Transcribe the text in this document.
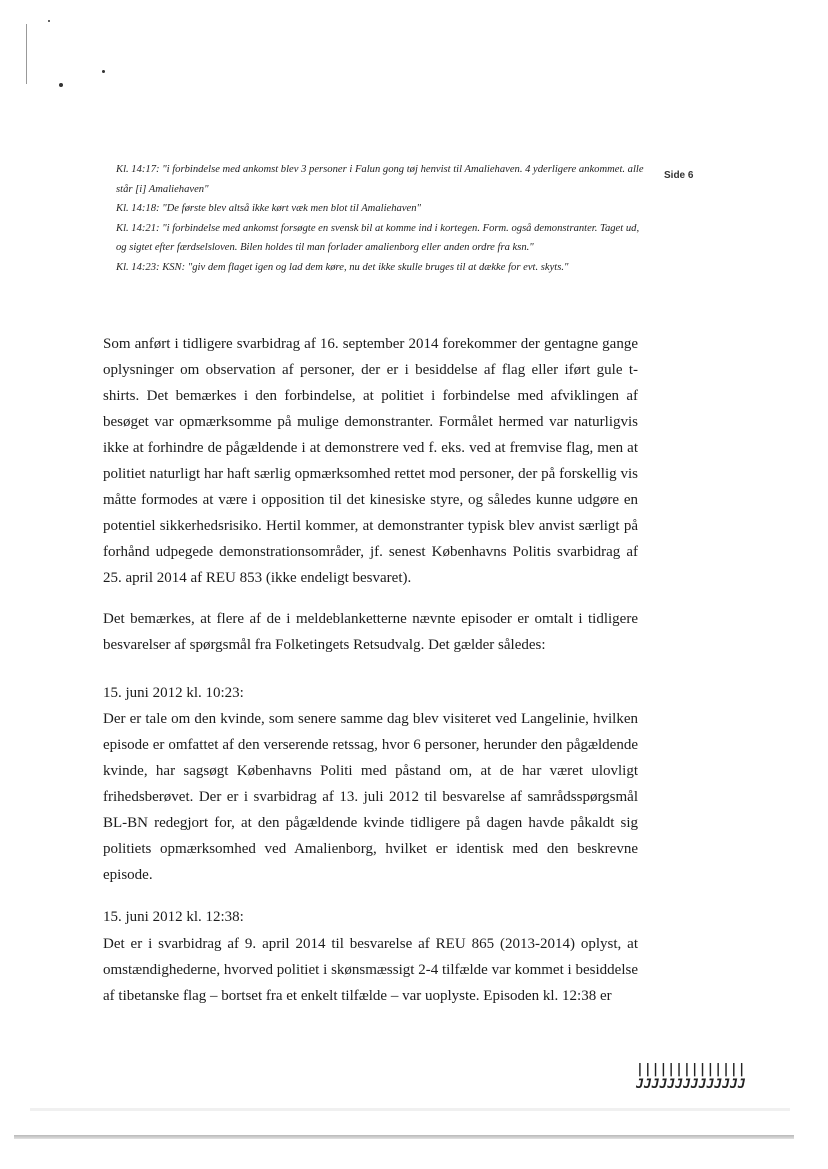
Kl. 14:17: "i forbindelse med ankomst blev 3 personer i Falun gong tøj henvist til Amaliehaven. 4 yderligere ankommet. alle står [i] Amaliehaven"

Kl. 14:18: "De første blev altså ikke kørt væk men blot til Amaliehaven"

Kl. 14:21: "i forbindelse med ankomst forsøgte en svensk bil at komme ind i kortegen. Form. også demonstranter. Taget ud, og sigtet efter færdselsloven. Bilen holdes til man forlader amalienborg eller anden ordre fra ksn."

Kl. 14:23: KSN: "giv dem flaget igen og lad dem køre, nu det ikke skulle bruges til at dække for evt. skyts."

Side 6

Som anført i tidligere svarbidrag af 16. september 2014 forekommer der gentagne gange oplysninger om observation af personer, der er i besiddelse af flag eller iført gule t-shirts. Det bemærkes i den forbindelse, at politiet i forbindelse med afviklingen af besøget var opmærksomme på mulige demonstranter. Formålet hermed var naturligvis ikke at forhindre de pågældende i at demonstrere ved f. eks. ved at fremvise flag, men at politiet naturligt har haft særlig opmærksomhed rettet mod personer, der på forskellig vis måtte formodes at være i opposition til det kinesiske styre, og således kunne udgøre en potentiel sikkerhedsrisiko. Hertil kommer, at demonstranter typisk blev anvist særligt på forhånd udpegede demonstrationsområder, jf. senest Københavns Politis svarbidrag af 25. april 2014 af REU 853 (ikke endeligt besvaret).

Det bemærkes, at flere af de i meldeblanketterne nævnte episoder er omtalt i tidligere besvarelser af spørgsmål fra Folketingets Retsudvalg. Det gælder således:

15. juni 2012 kl. 10:23:

Der er tale om den kvinde, som senere samme dag blev visiteret ved Langelinie, hvilken episode er omfattet af den verserende retssag, hvor 6 personer, herunder den pågældende kvinde, har sagsøgt Københavns Politi med påstand om, at de har været ulovligt frihedsberøvet. Der er i svarbidrag af 13. juli 2012 til besvarelse af samrådsspørgsmål BL-BN redegjort for, at den pågældende kvinde tidligere på dagen havde påkaldt sig politiets opmærksomhed ved Amalienborg, hvilket er identisk med den beskrevne episode.

15. juni 2012 kl. 12:38:

Det er i svarbidrag af 9. april 2014 til besvarelse af REU 865 (2013-2014) oplyst, at omstændighederne, hvorved politiet i skønsmæssigt 2-4 tilfælde var kommet i besiddelse af tibetanske flag – bortset fra et enkelt tilfælde – var uoplyste. Episoden kl. 12:38 er

||||||||||||||
JJJJJJJJJJJJJJ
